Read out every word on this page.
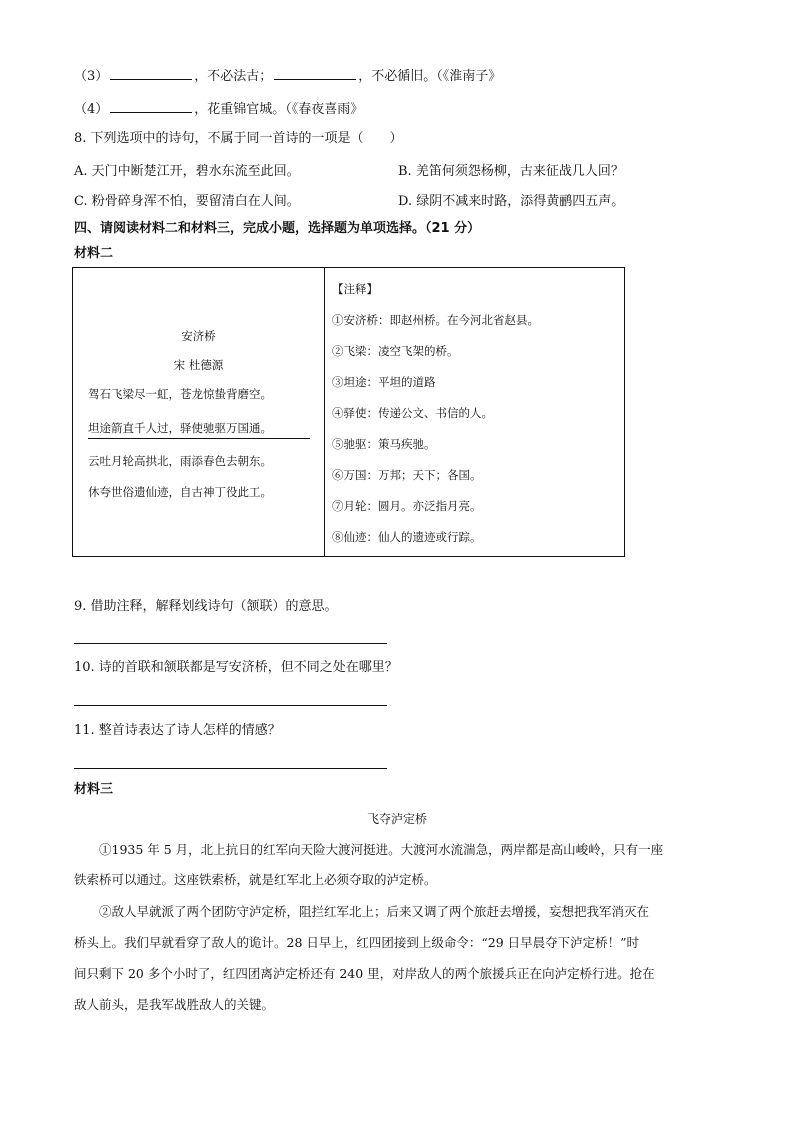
（3）	，不必法古；	，不必循旧。（《淮南子》
（4）	，花重锦官城。（《春夜喜雨》
8. 下列选项中的诗句，不属于同一首诗的一项是（　　）
A. 天门中断楚江开，碧水东流至此回。	B. 羌笛何须怨杨柳，古来征战几人回？
C. 粉骨碎身浑不怕，要留清白在人间。	D. 绿阴不减来时路，添得黄鹂四五声。
四、请阅读材料二和材料三，完成小题，选择题为单项选择。（21 分）
材料二
安济桥
宋 杜德源
驾石飞梁尽一虹，苍龙惊蛰背磨空。
坦途箭直千人过，驿使驰驱万国通。
云吐月轮高拱北，雨添春色去朝东。
休夸世俗遗仙迹，自古神丁役此工。
【注释】
①安济桥：即赵州桥。在今河北省赵县。
②飞梁：凌空飞架的桥。
③坦途：平坦的道路
④驿使：传递公文、书信的人。
⑤驰驱：策马疾驰。
⑥万国：万邦；天下；各国。
⑦月轮：圆月。亦泛指月亮。
⑧仙迹：仙人的遗迹或行踪。
9. 借助注释，解释划线诗句（颔联）的意思。
10. 诗的首联和颔联都是写安济桥，但不同之处在哪里？
11. 整首诗表达了诗人怎样的情感？
材料三
飞夺泸定桥
　　①1935 年 5 月，北上抗日的红军向天险大渡河挺进。大渡河水流湍急，两岸都是高山峻岭，只有一座
铁索桥可以通过。这座铁索桥，就是红军北上必须夺取的泸定桥。
　　②敌人早就派了两个团防守泸定桥，阻拦红军北上；后来又调了两个旅赶去增援，妄想把我军消灭在
桥头上。我们早就看穿了敌人的诡计。28 日早上，红四团接到上级命令：“29 日早晨夺下泸定桥！”时
间只剩下 20 多个小时了，红四团离泸定桥还有 240 里，对岸敌人的两个旅援兵正在向泸定桥行进。抢在
敌人前头，是我军战胜敌人的关键。
